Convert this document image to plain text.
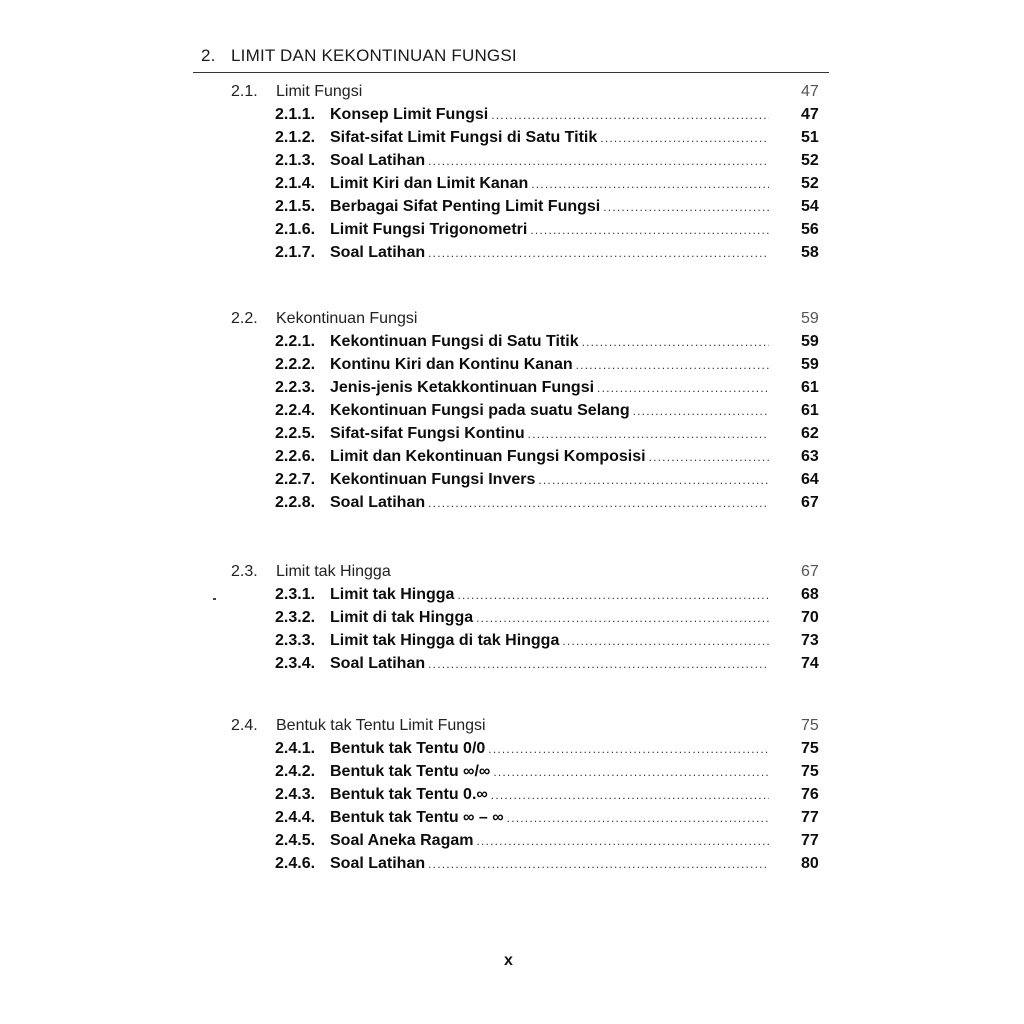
2. LIMIT DAN KEKONTINUAN FUNGSI
2.1. Limit Fungsi	47
2.1.1. Konsep Limit Fungsi .....	47
2.1.2. Sifat-sifat Limit Fungsi di Satu Titik .....	51
2.1.3. Soal Latihan .....	52
2.1.4. Limit Kiri dan Limit Kanan .....	52
2.1.5. Berbagai Sifat Penting Limit Fungsi .....	54
2.1.6. Limit Fungsi Trigonometri .....	56
2.1.7. Soal Latihan .....	58
2.2. Kekontinuan Fungsi	59
2.2.1. Kekontinuan Fungsi di Satu Titik .....	59
2.2.2. Kontinu Kiri dan Kontinu Kanan .....	59
2.2.3. Jenis-jenis Ketakkontinuan Fungsi .....	61
2.2.4. Kekontinuan Fungsi pada suatu Selang .....	61
2.2.5. Sifat-sifat Fungsi Kontinu .....	62
2.2.6. Limit dan Kekontinuan Fungsi Komposisi .....	63
2.2.7. Kekontinuan Fungsi Invers .....	64
2.2.8. Soal Latihan .....	67
2.3. Limit tak Hingga	67
2.3.1. Limit tak Hingga .....	68
2.3.2. Limit di tak Hingga .....	70
2.3.3. Limit tak Hingga di tak Hingga .....	73
2.3.4. Soal Latihan .....	74
2.4. Bentuk tak Tentu Limit Fungsi	75
2.4.1. Bentuk tak Tentu 0/0 .....	75
2.4.2. Bentuk tak Tentu ∞/∞ .....	75
2.4.3. Bentuk tak Tentu 0.∞ .....	76
2.4.4. Bentuk tak Tentu ∞ – ∞ .....	77
2.4.5. Soal Aneka Ragam .....	77
2.4.6. Soal Latihan .....	80
x
